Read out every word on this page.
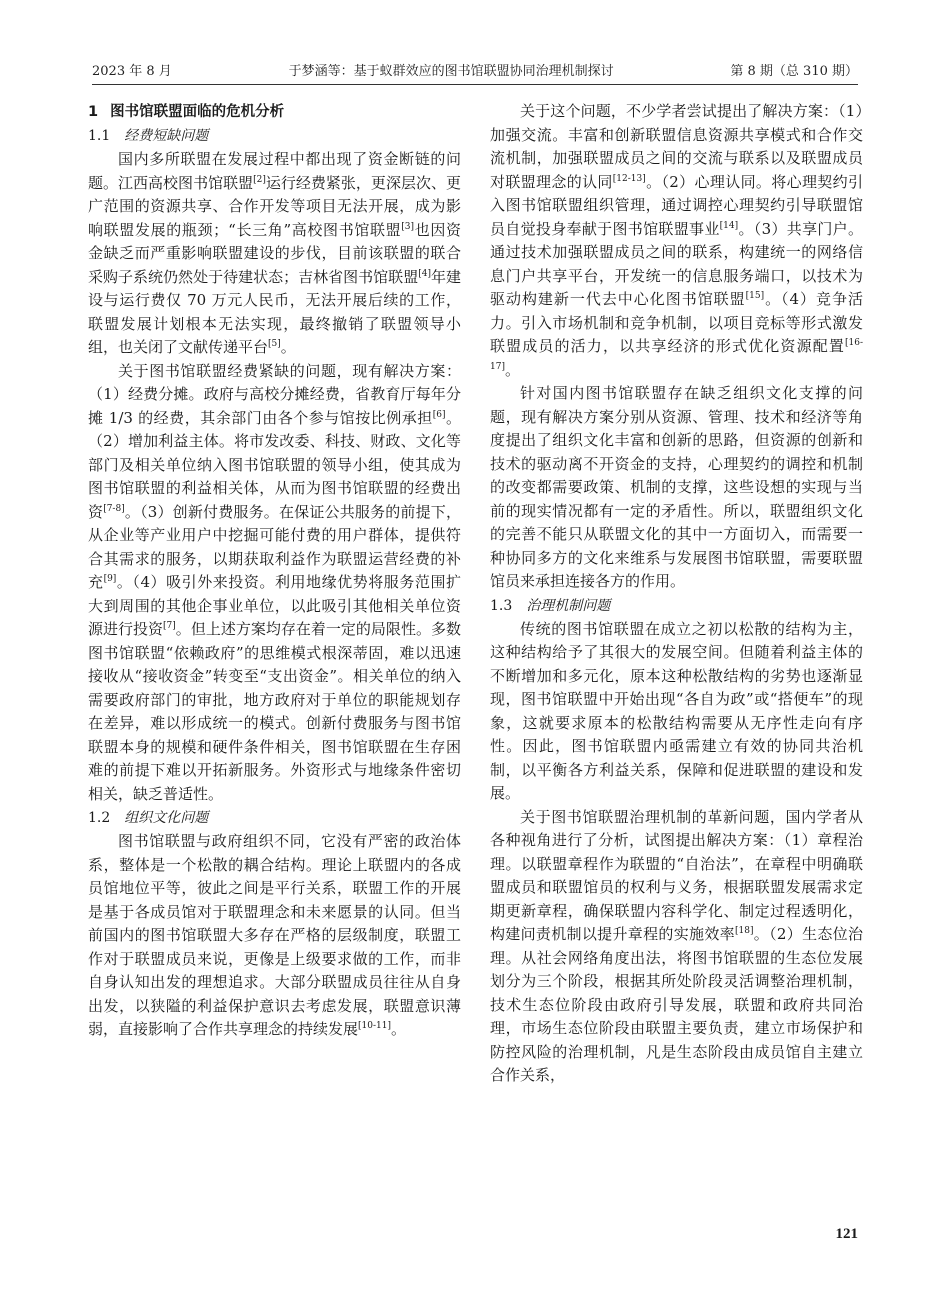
2023 年 8 月	于梦涵等：基于蚁群效应的图书馆联盟协同治理机制探讨	第 8 期（总 310 期）
1 图书馆联盟面临的危机分析
1.1 经费短缺问题

国内多所联盟在发展过程中都出现了资金断链的问题。江西高校图书馆联盟[2]运行经费紧张，更深层次、更广范围的资源共享、合作开发等项目无法开展，成为影响联盟发展的瓶颈；“长三角”高校图书馆联盟[3]也因资金缺乏而严重影响联盟建设的步伐，目前该联盟的联合采购子系统仍然处于待建状态；吉林省图书馆联盟[4]年建设与运行费仅 70 万元人民币，无法开展后续的工作，联盟发展计划根本无法实现，最终撤销了联盟领导小组，也关闭了文献传递平台[5]。

关于图书馆联盟经费紧缺的问题，现有解决方案：（1）经费分摊。政府与高校分摊经费，省教育厅每年分摊 1/3 的经费，其余部门由各个参与馆按比例承担[6]。（2）增加利益主体。将市发改委、科技、财政、文化等部门及相关单位纳入图书馆联盟的领导小组，使其成为图书馆联盟的利益相关体，从而为图书馆联盟的经费出资[7-8]。（3）创新付费服务。在保证公共服务的前提下，从企业等产业用户中挖掘可能付费的用户群体，提供符合其需求的服务，以期获取利益作为联盟运营经费的补充[9]。（4）吸引外来投资。利用地缘优势将服务范围扩大到周围的其他企事业单位，以此吸引其他相关单位资源进行投资[7]。但上述方案均存在着一定的局限性。多数图书馆联盟“依赖政府”的思维模式根深蒂固，难以迅速接收从“接收资金”转变至“支出资金”。相关单位的纳入需要政府部门的审批，地方政府对于单位的职能规划存在差异，难以形成统一的模式。创新付费服务与图书馆联盟本身的规模和硬件条件相关，图书馆联盟在生存困难的前提下难以开拓新服务。外资形式与地缘条件密切相关，缺乏普适性。

1.2 组织文化问题

图书馆联盟与政府组织不同，它没有严密的政治体系，整体是一个松散的耦合结构。理论上联盟内的各成员馆地位平等，彼此之间是平行关系，联盟工作的开展是基于各成员馆对于联盟理念和未来愿景的认同。但当前国内的图书馆联盟大多存在严格的层级制度，联盟工作对于联盟成员来说，更像是上级要求做的工作，而非自身认知出发的理想追求。大部分联盟成员往往从自身出发，以狭隘的利益保护意识去考虑发展，联盟意识薄弱，直接影响了合作共享理念的持续发展[10-11]。

关于这个问题，不少学者尝试提出了解决方案：（1）加强交流。丰富和创新联盟信息资源共享模式和合作交流机制，加强联盟成员之间的交流与联系以及联盟成员对联盟理念的认同[12-13]。（2）心理认同。将心理契约引入图书馆联盟组织管理，通过调控心理契约引导联盟馆员自觉投身奉献于图书馆联盟事业[14]。（3）共享门户。通过技术加强联盟成员之间的联系，构建统一的网络信息门户共享平台，开发统一的信息服务端口，以技术为驱动构建新一代去中心化图书馆联盟[15]。（4）竞争活力。引入市场机制和竞争机制，以项目竞标等形式激发联盟成员的活力，以共享经济的形式优化资源配置[16-17]。

针对国内图书馆联盟存在缺乏组织文化支撑的问题，现有解决方案分别从资源、管理、技术和经济等角度提出了组织文化丰富和创新的思路，但资源的创新和技术的驱动离不开资金的支持，心理契约的调控和机制的改变都需要政策、机制的支撑，这些设想的实现与当前的现实情况都有一定的矛盾性。所以，联盟组织文化的完善不能只从联盟文化的其中一方面切入，而需要一种协同多方的文化来维系与发展图书馆联盟，需要联盟馆员来承担连接各方的作用。

1.3 治理机制问题

传统的图书馆联盟在成立之初以松散的结构为主，这种结构给予了其很大的发展空间。但随着利益主体的不断增加和多元化，原本这种松散结构的劣势也逐渐显现，图书馆联盟中开始出现“各自为政”或“搭便车”的现象，这就要求原本的松散结构需要从无序性走向有序性。因此，图书馆联盟内亟需建立有效的协同共治机制，以平衡各方利益关系，保障和促进联盟的建设和发展。

关于图书馆联盟治理机制的革新问题，国内学者从各种视角进行了分析，试图提出解决方案：（1）章程治理。以联盟章程作为联盟的“自治法”，在章程中明确联盟成员和联盟馆员的权利与义务，根据联盟发展需求定期更新章程，确保联盟内容科学化、制定过程透明化，构建问责机制以提升章程的实施效率[18]。（2）生态位治理。从社会网络角度出法，将图书馆联盟的生态位发展划分为三个阶段，根据其所处阶段灵活调整治理机制，技术生态位阶段由政府引导发展，联盟和政府共同治理，市场生态位阶段由联盟主要负责，建立市场保护和防控风险的治理机制，凡是生态阶段由成员馆自主建立合作关系，

121
